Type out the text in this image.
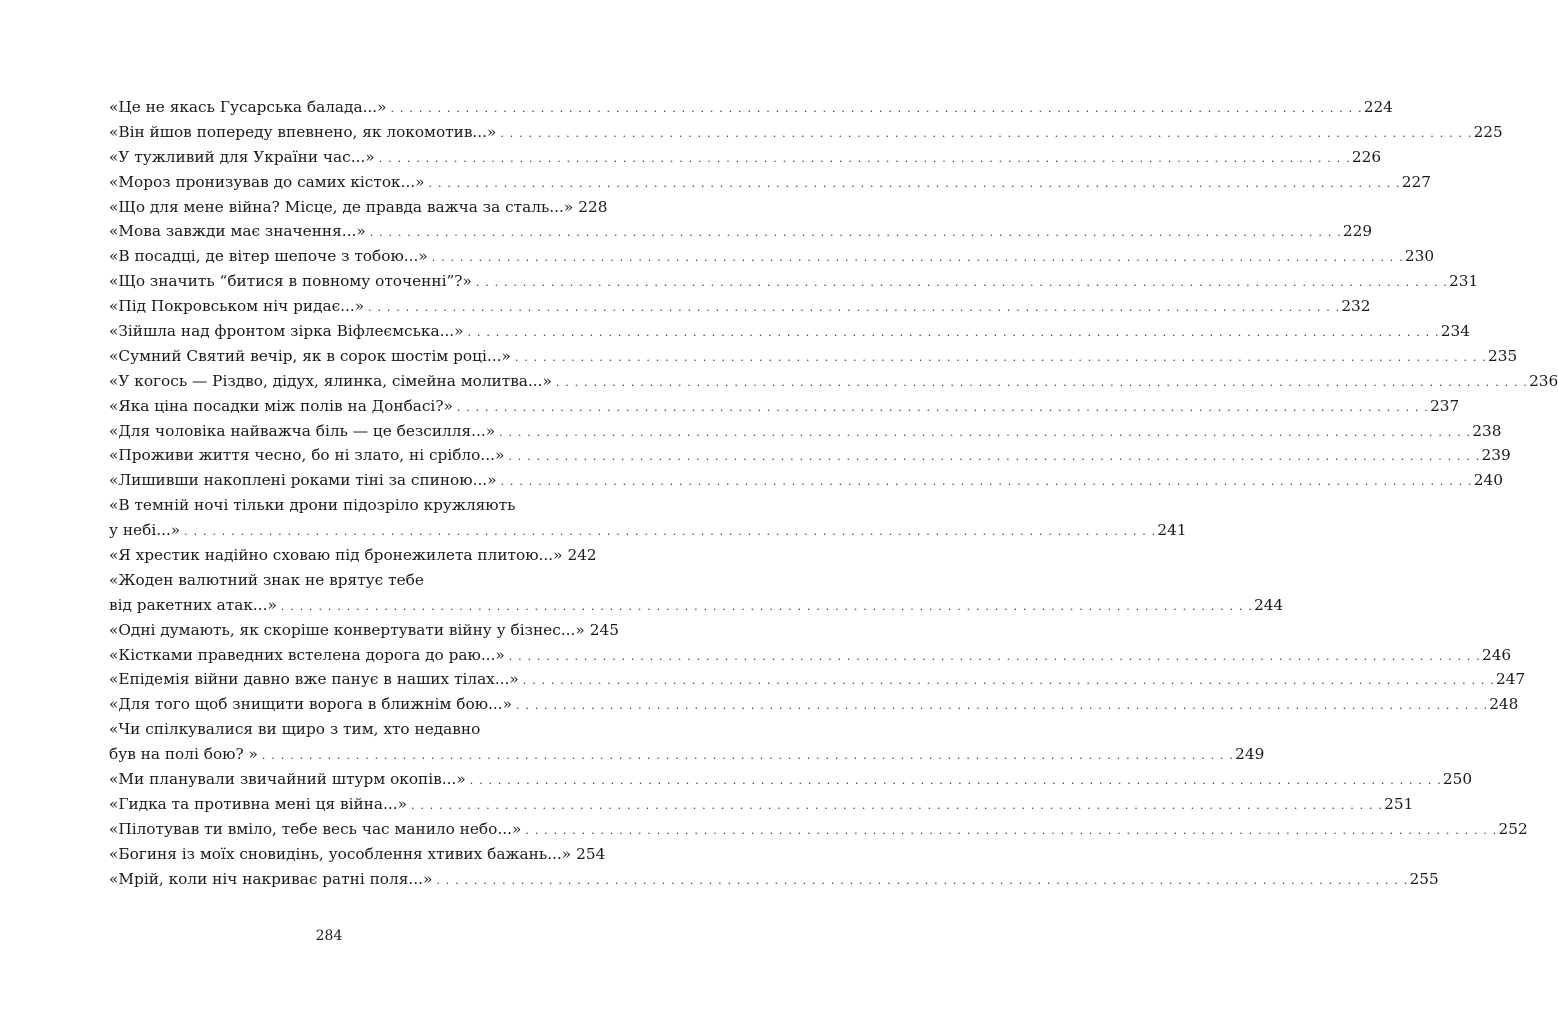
«Це не якась Гусарська балада...» . . .	224
«Він йшов попереду впевнено, як локомотив...» . . .	225
«У тужливий для України час...» . . .	226
«Мороз пронизував до самих кісток...» . . .	227
«Що для мене війна? Місце, де правда важча за сталь...» 228
«Мова завжди має значення...» . . .	229
«В посадці, де вітер шепоче з тобою...» . . .	230
«Що значить “битися в повному оточенні”?» . . .	231
«Під Покровськом ніч ридає...» . . .	232
«Зійшла над фронтом зірка Віфлеємська...» . . .	234
«Сумний Святий вечір, як в сорок шостім році...» . . .	235
«У когось — Різдво, дідух, ялинка, сімейна молитва...» . . .	236
«Яка ціна посадки між полів на Донбасі?» . . .	237
«Для чоловіка найважча біль — це безсилля...» . . .	238
«Проживи життя чесно, бо ні злато, ні срібло...» . . .	239
«Лишивши накоплені роками тіні за спиною...» . . .	240
«В темній ночі тільки дрони підозріло кружляють
у небі...» . . .	241
«Я хрестик надійно схoваю під бронежилета плитою...» 242
«Жоден валютний знак не врятує тебе
від ракетних атак...» . . .	244
«Одні думають, як скоріше конвертувати війну у бізнес...» 245
«Кістками праведних встелена дорога до раю...» . . .	246
«Епідемія війни давно вже панує в наших тілах...» . . .	247
«Для того щоб знищити ворога в ближнім бою...» . . .	248
«Чи спілкувалися ви щиро з тим, хто недавно
був на полі бою? » . . .	249
«Ми планували звичайний штурм окопів...» . . .	250
«Гидка та противна мені ця війна...» . . .	251
«Пілотував ти вміло, тебе весь час манило небо...» . . .	252
«Богиня із моїх сновидінь, уособлення хтивих бажань...» 254
«Мрій, коли ніч накриває ратні поля...» . . .	255
284
